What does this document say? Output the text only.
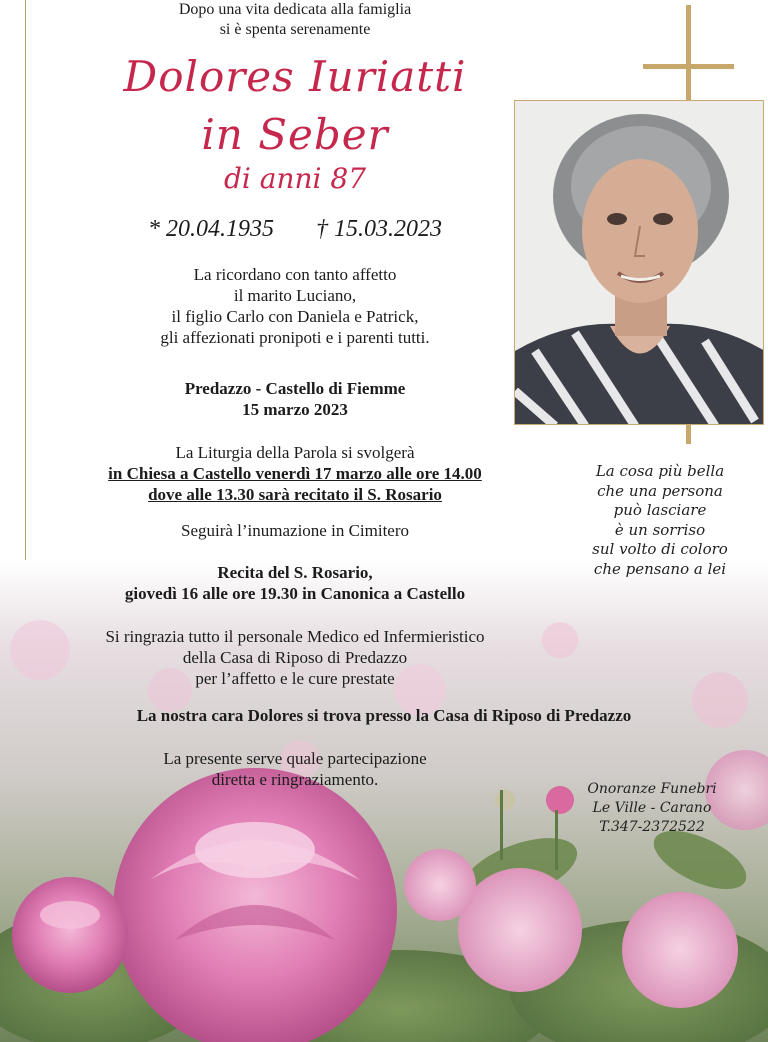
Dopo una vita dedicata alla famiglia
si è spenta serenamente
Dolores Iuriatti
in Seber
di anni 87
* 20.04.1935 † 15.03.2023
La ricordano con tanto affetto
il marito Luciano,
il figlio Carlo con Daniela e Patrick,
gli affezionati pronipoti e i parenti tutti.
Predazzo - Castello di Fiemme
15 marzo 2023
La Liturgia della Parola si svolgerà
in Chiesa a Castello venerdì 17 marzo alle ore 14.00
dove alle 13.30 sarà recitato il S. Rosario
Seguirà l’inumazione in Cimitero
Recita del S. Rosario,
giovedì 16 alle ore 19.30 in Canonica a Castello
Si ringrazia tutto il personale Medico ed Infermieristico
della Casa di Riposo di Predazzo
per l’affetto e le cure prestate
La nostra cara Dolores si trova presso la Casa di Riposo di Predazzo
La presente serve quale partecipazione
diretta e ringraziamento.
La cosa più bella
che una persona
può lasciare
è un sorriso
sul volto di coloro
che pensano a lei
Onoranze Funebri
Le Ville - Carano
T.347-2372522
